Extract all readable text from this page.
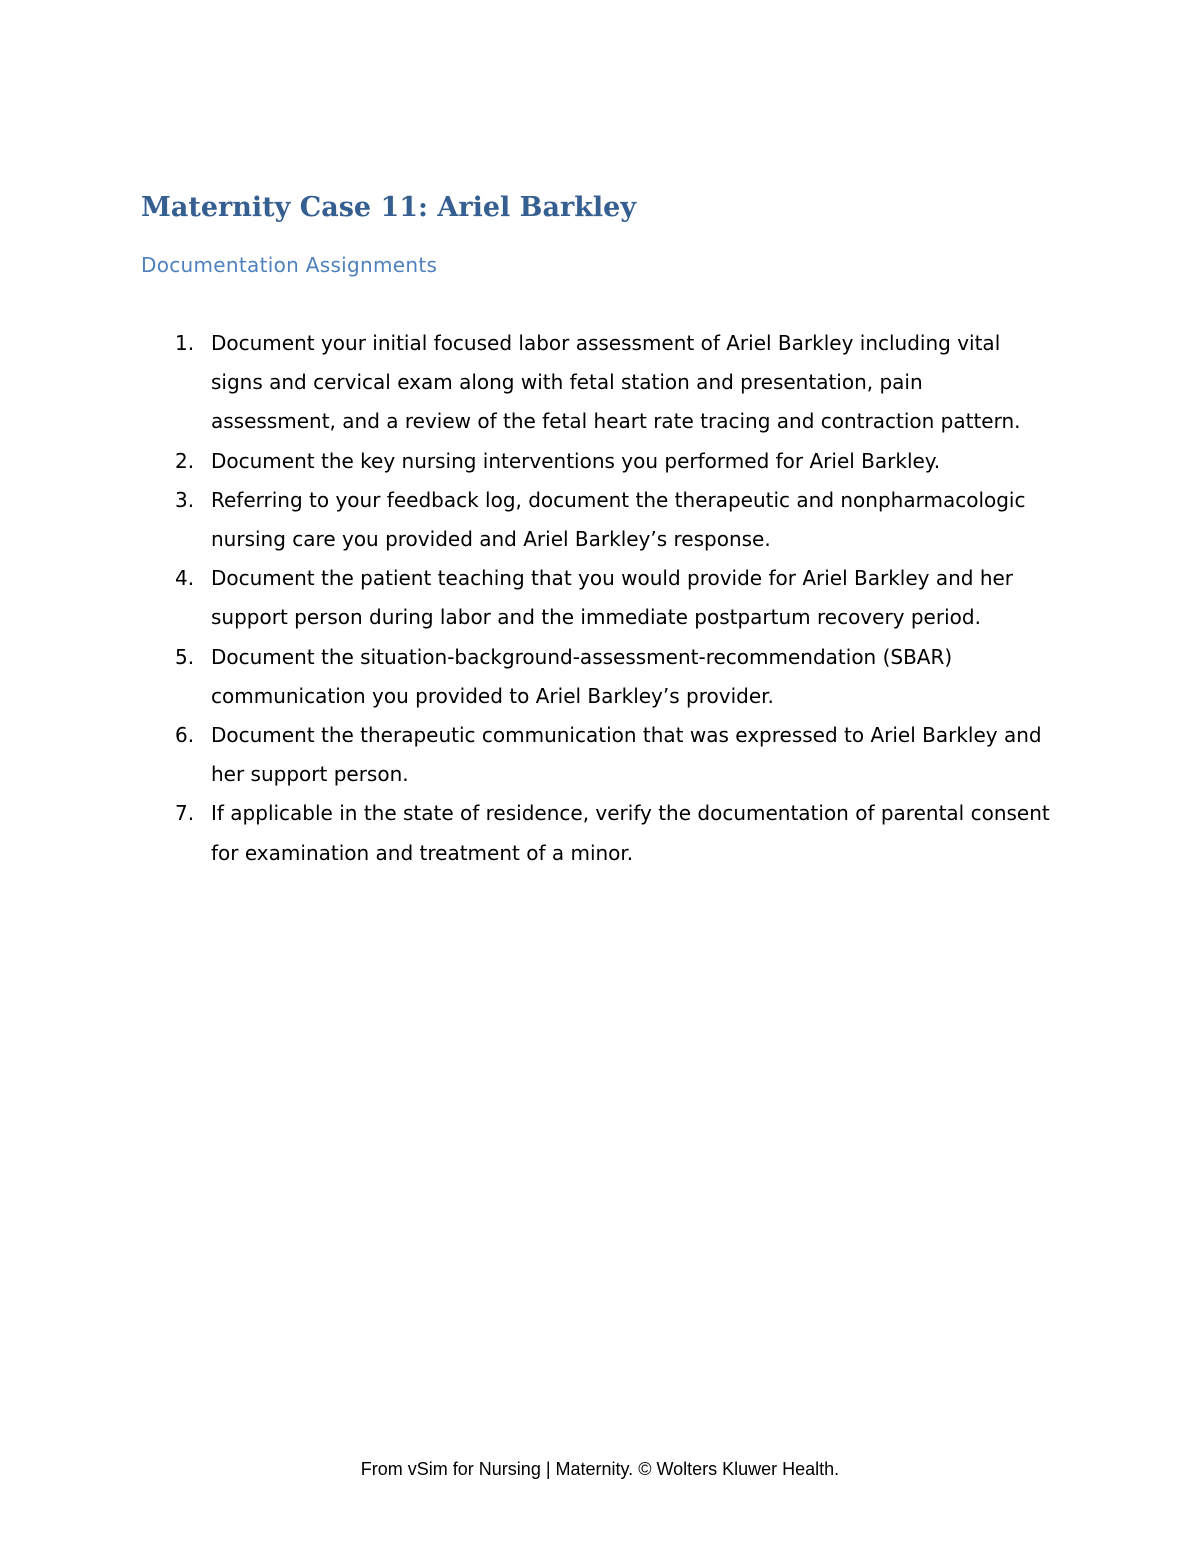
Maternity Case 11: Ariel Barkley
Documentation Assignments
1. Document your initial focused labor assessment of Ariel Barkley including vital signs and cervical exam along with fetal station and presentation, pain assessment, and a review of the fetal heart rate tracing and contraction pattern.
2. Document the key nursing interventions you performed for Ariel Barkley.
3. Referring to your feedback log, document the therapeutic and nonpharmacologic nursing care you provided and Ariel Barkley’s response.
4. Document the patient teaching that you would provide for Ariel Barkley and her support person during labor and the immediate postpartum recovery period.
5. Document the situation-background-assessment-recommendation (SBAR) communication you provided to Ariel Barkley’s provider.
6. Document the therapeutic communication that was expressed to Ariel Barkley and her support person.
7. If applicable in the state of residence, verify the documentation of parental consent for examination and treatment of a minor.
From vSim for Nursing | Maternity. © Wolters Kluwer Health.
